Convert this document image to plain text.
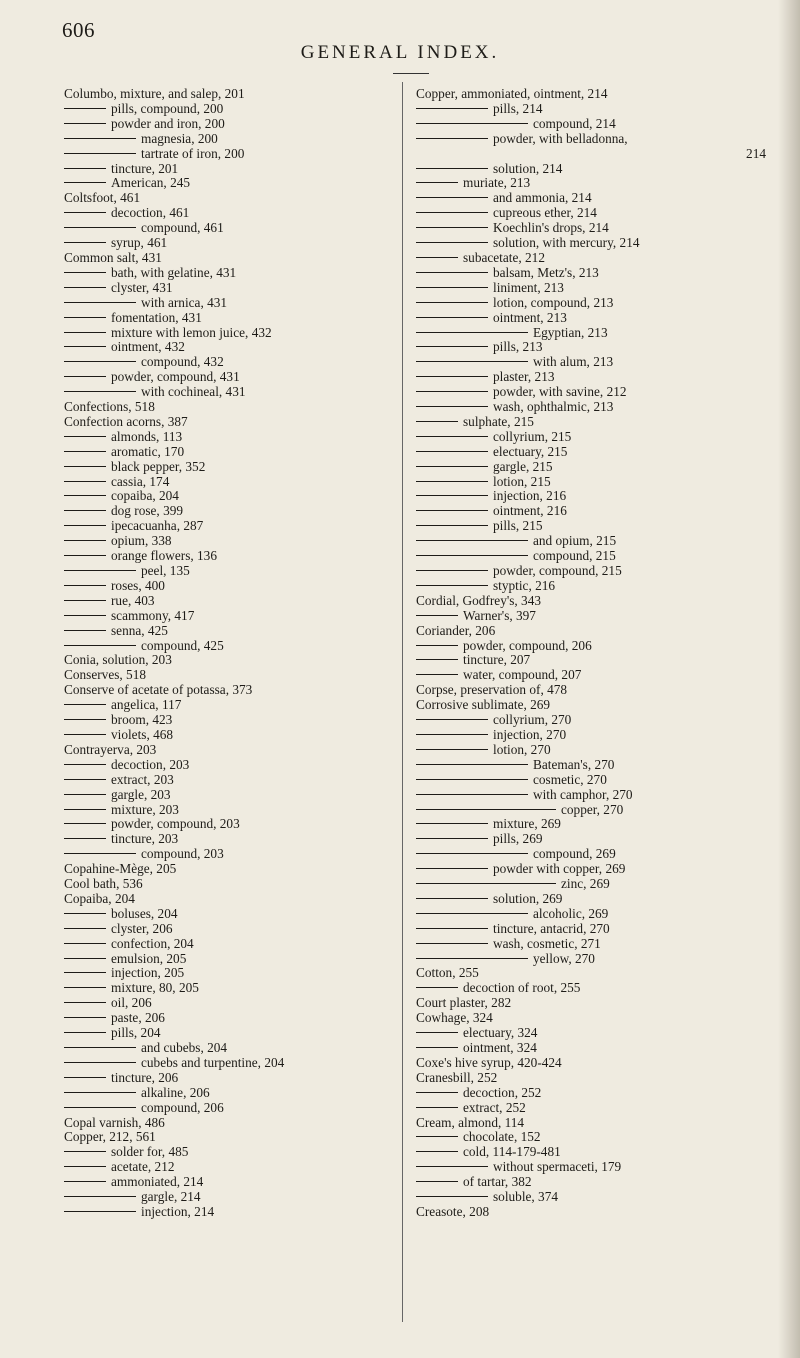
606
GENERAL INDEX.
Columbo, mixture, and salep, 201
pills, compound, 200
powder and iron, 200
magnesia, 200
tartrate of iron, 200
tincture, 201
American, 245
Coltsfoot, 461
decoction, 461
compound, 461
syrup, 461
Common salt, 431
bath, with gelatine, 431
clyster, 431
with arnica, 431
fomentation, 431
mixture with lemon juice, 432
ointment, 432
compound, 432
powder, compound, 431
with cochineal, 431
Confections, 518
Confection acorns, 387
almonds, 113
aromatic, 170
black pepper, 352
cassia, 174
copaiba, 204
dog rose, 399
ipecacuanha, 287
opium, 338
orange flowers, 136
peel, 135
roses, 400
rue, 403
scammony, 417
senna, 425
compound, 425
Conia, solution, 203
Conserves, 518
Conserve of acetate of potassa, 373
angelica, 117
broom, 423
violets, 468
Contrayerva, 203
decoction, 203
extract, 203
gargle, 203
mixture, 203
powder, compound, 203
tincture, 203
compound, 203
Copahine-Mège, 205
Cool bath, 536
Copaiba, 204
boluses, 204
clyster, 206
confection, 204
emulsion, 205
injection, 205
mixture, 80, 205
oil, 206
paste, 206
pills, 204
and cubebs, 204
cubebs and turpentine, 204
tincture, 206
alkaline, 206
compound, 206
Copal varnish, 486
Copper, 212, 561
solder for, 485
acetate, 212
ammoniated, 214
gargle, 214
injection, 214
Copper, ammoniated, ointment, 214
pills, 214
compound, 214
powder, with belladonna,
214
solution, 214
muriate, 213
and ammonia, 214
cupreous ether, 214
Koechlin's drops, 214
solution, with mercury, 214
subacetate, 212
balsam, Metz's, 213
liniment, 213
lotion, compound, 213
ointment, 213
Egyptian, 213
pills, 213
with alum, 213
plaster, 213
powder, with savine, 212
wash, ophthalmic, 213
sulphate, 215
collyrium, 215
electuary, 215
gargle, 215
lotion, 215
injection, 216
ointment, 216
pills, 215
and opium, 215
compound, 215
powder, compound, 215
styptic, 216
Cordial, Godfrey's, 343
Warner's, 397
Coriander, 206
powder, compound, 206
tincture, 207
water, compound, 207
Corpse, preservation of, 478
Corrosive sublimate, 269
collyrium, 270
injection, 270
lotion, 270
Bateman's, 270
cosmetic, 270
with camphor, 270
copper, 270
mixture, 269
pills, 269
compound, 269
powder with copper, 269
zinc, 269
solution, 269
alcoholic, 269
tincture, antacrid, 270
wash, cosmetic, 271
yellow, 270
Cotton, 255
decoction of root, 255
Court plaster, 282
Cowhage, 324
electuary, 324
ointment, 324
Coxe's hive syrup, 420-424
Cranesbill, 252
decoction, 252
extract, 252
Cream, almond, 114
chocolate, 152
cold, 114-179-481
without spermaceti, 179
of tartar, 382
soluble, 374
Creasote, 208
